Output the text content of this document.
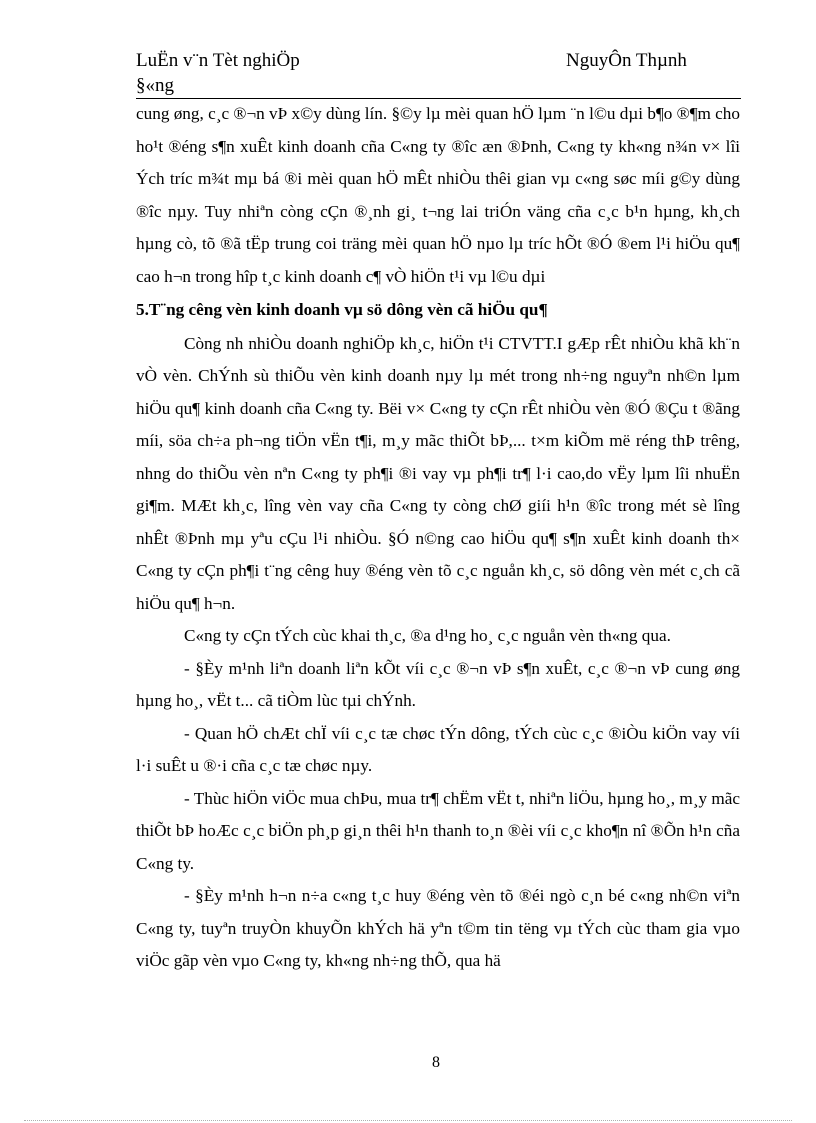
LuËn v¨n Tèt nghiÖp
§«ng
NguyÔn Thµnh

cung øng, c¸c ®¬n vÞ x©y dùng lín. §©y lµ mèi quan hÖ lµm ¨n l©u dµi b¶o ®¶m cho ho¹t ®éng s¶n xuÊt kinh doanh cña C«ng ty ®îc æn ®Þnh, C«ng ty kh«ng n¾n v× lîi Ých tríc m¾t mµ bá ®i mèi quan hÖ mÊt nhiÒu thêi gian vµ c«ng søc míi g©y dùng ®îc nµy. Tuy nhiªn còng cÇn ®¸nh gi¸ t¬ng lai triÓn väng cña c¸c b¹n hµng, kh¸ch hµng cò, tõ ®ã tËp trung coi träng mèi quan hÖ nµo lµ tríc hÕt ®Ó ®em l¹i hiÖu qu¶ cao h¬n trong hîp t¸c kinh doanh c¶ vÒ hiÖn t¹i vµ l©u dµi

5.T¨ng cêng vèn kinh doanh vµ sö dông vèn cã hiÖu qu¶

Còng nh nhiÒu doanh nghiÖp kh¸c, hiÖn t¹i CTVTT.I gÆp rÊt nhiÒu khã kh¨n vÒ vèn. ChÝnh sù thiÕu vèn kinh doanh nµy lµ mét trong nh÷ng nguyªn nh©n lµm hiÖu qu¶ kinh doanh cña C«ng ty. Bëi v× C«ng ty cÇn rÊt nhiÒu vèn ®Ó ®Çu t ®ãng míi, söa ch÷a ph¬ng tiÖn vËn t¶i, m¸y mãc thiÕt bÞ,... t×m kiÕm më réng thÞ trêng, nhng do thiÕu vèn nªn C«ng ty ph¶i ®i vay vµ ph¶i tr¶ l·i cao,do vËy lµm lîi nhuËn gi¶m. MÆt kh¸c, lîng vèn vay cña C«ng ty còng chØ giíi h¹n ®îc trong mét sè lîng nhÊt ®Þnh mµ yªu cÇu l¹i nhiÒu. §Ó n©ng cao hiÖu qu¶ s¶n xuÊt kinh doanh th× C«ng ty cÇn ph¶i t¨ng cêng huy ®éng vèn tõ c¸c nguån kh¸c, sö dông vèn mét c¸ch cã hiÖu qu¶ h¬n.

C«ng ty cÇn tÝch cùc khai th¸c, ®a d¹ng ho¸ c¸c nguån vèn th«ng qua.

- §Èy m¹nh liªn doanh liªn kÕt víi c¸c ®¬n vÞ s¶n xuÊt, c¸c ®¬n vÞ cung øng hµng ho¸, vËt t... cã tiÒm lùc tµi chÝnh.

- Quan hÖ chÆt chÏ víi c¸c tæ chøc tÝn dông, tÝch cùc c¸c ®iÒu kiÖn vay víi l·i suÊt u ®·i cña c¸c tæ chøc nµy.

- Thùc hiÖn viÖc mua chÞu, mua tr¶ chËm vËt t, nhiªn liÖu, hµng ho¸, m¸y mãc thiÕt bÞ hoÆc c¸c biÖn ph¸p gi¸n thêi h¹n thanh to¸n ®èi víi c¸c kho¶n nî ®Õn h¹n cña C«ng ty.

- §Èy m¹nh h¬n n÷a c«ng t¸c huy ®éng vèn tõ ®éi ngò c¸n bé c«ng nh©n viªn C«ng ty, tuyªn truyÒn khuyÕn khÝch hä yªn t©m tin tëng vµ tÝch cùc tham gia vµo viÖc gãp vèn vµo C«ng ty, kh«ng nh÷ng thÕ, qua hä

8
